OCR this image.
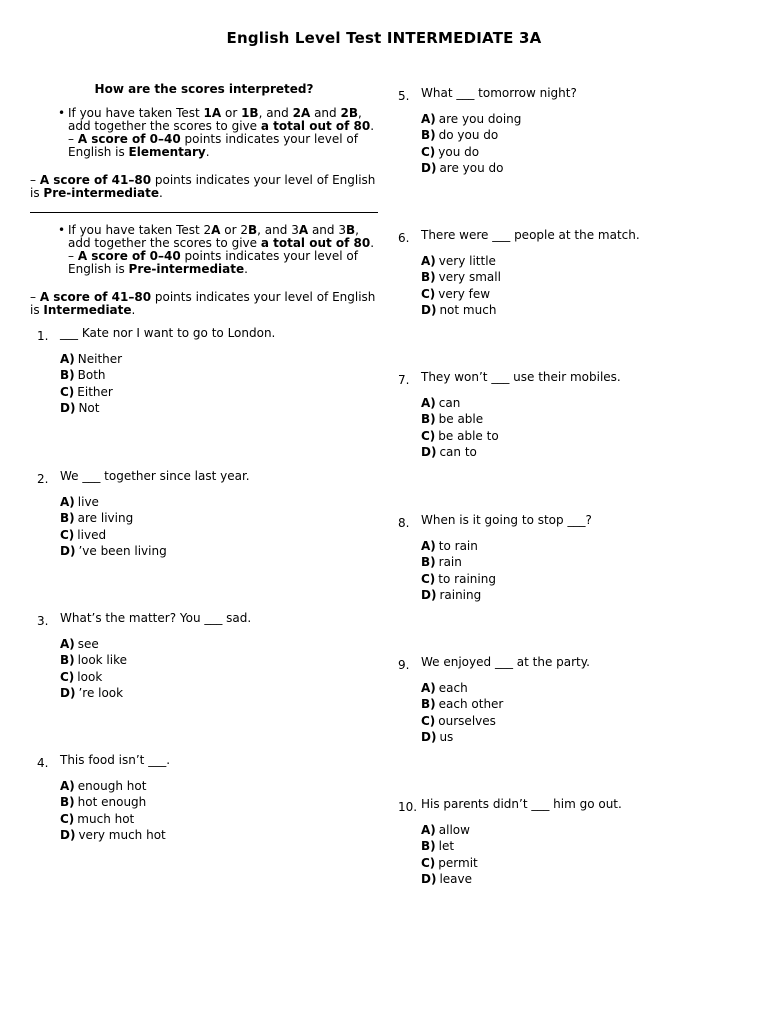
English Level Test INTERMEDIATE 3A

How are the scores interpreted?

• If you have taken Test 1A or 1B, and 2A and 2B, add together the scores to give a total out of 80. – A score of 0–40 points indicates your level of English is Elementary.

– A score of 41–80 points indicates your level of English is Pre-intermediate.

• If you have taken Test 2A or 2B, and 3A and 3B, add together the scores to give a total out of 80. – A score of 0–40 points indicates your level of English is Pre-intermediate.

– A score of 41–80 points indicates your level of English is Intermediate.

1. ___ Kate nor I want to go to London.
A) Neither
B) Both
C) Either
D) Not
2. We ___ together since last year.
A) live
B) are living
C) lived
D) ’ve been living
3. What’s the matter? You ___ sad.
A) see
B) look like
C) look
D) ’re look
4. This food isn’t ___.
A) enough hot
B) hot enough
C) much hot
D) very much hot
5. What ___ tomorrow night?
A) are you doing
B) do you do
C) you do
D) are you do
6. There were ___ people at the match.
A) very little
B) very small
C) very few
D) not much
7. They won’t ___ use their mobiles.
A) can
B) be able
C) be able to
D) can to
8. When is it going to stop ___?
A) to rain
B) rain
C) to raining
D) raining
9. We enjoyed ___ at the party.
A) each
B) each other
C) ourselves
D) us
10. His parents didn’t ___ him go out.
A) allow
B) let
C) permit
D) leave
